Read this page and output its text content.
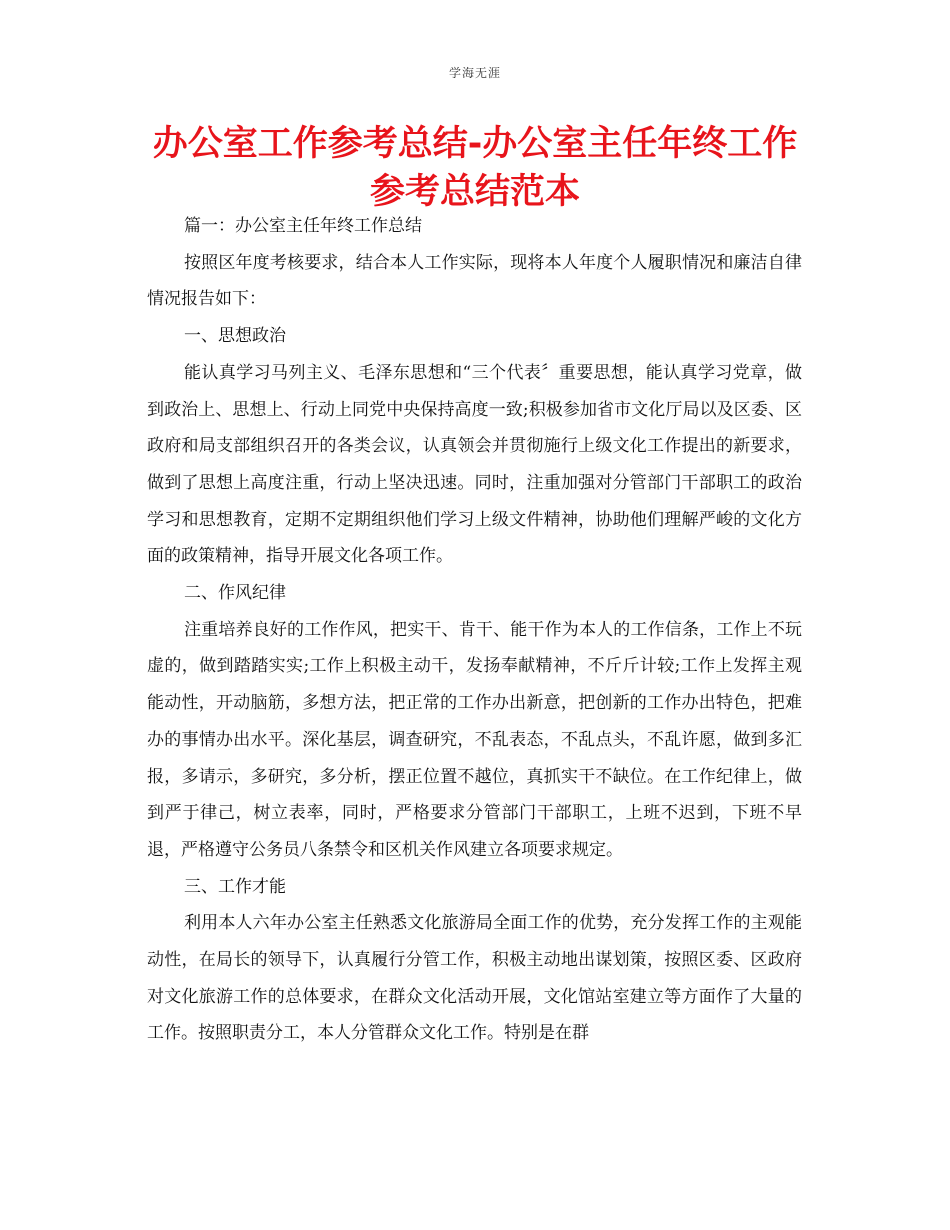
学海无涯
办公室工作参考总结-办公室主任年终工作参考总结范本

篇一：办公室主任年终工作总结

按照区年度考核要求，结合本人工作实际，现将本人年度个人履职情况和廉洁自律情况报告如下：

一、思想政治

能认真学习马列主义、毛泽东思想和“三个代表〞重要思想，能认真学习党章，做到政治上、思想上、行动上同党中央保持高度一致;积极参加省市文化厅局以及区委、区政府和局支部组织召开的各类会议，认真领会并贯彻施行上级文化工作提出的新要求，做到了思想上高度注重，行动上坚决迅速。同时，注重加强对分管部门干部职工的政治学习和思想教育，定期不定期组织他们学习上级文件精神，协助他们理解严峻的文化方面的政策精神，指导开展文化各项工作。

二、作风纪律

注重培养良好的工作作风，把实干、肯干、能干作为本人的工作信条，工作上不玩虚的，做到踏踏实实;工作上积极主动干，发扬奉献精神，不斤斤计较;工作上发挥主观能动性，开动脑筋，多想方法，把正常的工作办出新意，把创新的工作办出特色，把难办的事情办出水平。深化基层，调查研究，不乱表态，不乱点头，不乱许愿，做到多汇报，多请示，多研究，多分析，摆正位置不越位，真抓实干不缺位。在工作纪律上，做到严于律己，树立表率，同时，严格要求分管部门干部职工，上班不迟到，下班不早退，严格遵守公务员八条禁令和区机关作风建立各项要求规定。

三、工作才能

利用本人六年办公室主任熟悉文化旅游局全面工作的优势，充分发挥工作的主观能动性，在局长的领导下，认真履行分管工作，积极主动地出谋划策，按照区委、区政府对文化旅游工作的总体要求，在群众文化活动开展，文化馆站室建立等方面作了大量的工作。按照职责分工，本人分管群众文化工作。特别是在群
